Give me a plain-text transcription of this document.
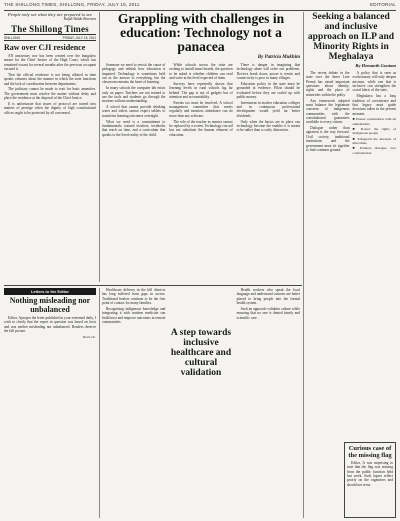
THE SHILLONG TIMES, SHILLONG, FRIDAY, JULY 15, 2011	EDITORIAL
People only see what they are prepared to see
Ralph Waldo Emerson
The Shillong Times
SHILLONG	FRIDAY, JULY 15, 2011
Raw over CJI residence

AN unsavoury row has been created over the bungalow meant for the Chief Justice of the High Court, which has remained vacant for several months after the previous occupant vacated it.

That the official residence is not being allotted in time speaks volumes about the manner in which the state functions and the lack of coordination between departments.

The judiciary cannot be made to wait for basic amenities. The government must resolve the matter without delay and place the residence at the disposal of the Chief Justice.

It is unfortunate that issues of protocol are turned into matters of prestige when the dignity of high constitutional offices ought to be protected by all concerned.

Grappling with challenges in education: Technology not a panacea
By Patricia Mukhim

Someone we need to revisit the cause of pedagogy and rethink how education is imparted. Technology is sometimes held out as the answer to everything, but the classroom remains the heart of learning.

In many schools the computer lab exists only on paper. Teachers are not trained to use the tools and students go through the motions without understanding.

A school that cannot provide drinking water and toilets cannot expect tablets to transform learning outcomes overnight.

What we need is a commitment to fundamentals: trained teachers, textbooks that reach on time, and a curriculum that speaks to the lived reality of the child.

While schools across the state are rushing to install smart boards, the question to be asked is whether children can read and write at the level expected of them.

Surveys have repeatedly shown that learning levels in rural schools lag far behind. The gap is not of gadgets but of attention and accountability.

Parents too must be involved. A school management committee that meets regularly and monitors attendance can do more than any software.

The role of the teacher as mentor cannot be replaced by a screen. Technology can aid but not substitute the human element of education.

There is danger in imagining that technology alone will solve our problems. Devices break down, power is erratic and connectivity is poor in many villages.

Education policy in the state must be grounded in evidence. Pilots should be evaluated before they are scaled up with public money.

Investment in teacher education colleges and in continuous professional development would yield far better dividends.

Only when the basics are in place can technology become the enabler it is meant to be rather than a costly distraction.

Seeking a balanced and inclusive approach on ILP and Minority Rights in Meghalaya
By Hemanth Goutam

The recent debate in the state over the Inner Line Permit has raised important questions about identity, rights and the place of minorities within the polity.

Any framework adopted must balance the legitimate concerns of indigenous communities with the constitutional guarantees available to every citizen.

Dialogue rather than agitation is the way forward. Civil society, traditional institutions and the government must sit together to find common ground.

A policy that is seen as exclusionary will only deepen mistrust, while one that is inclusive can strengthen the social fabric of the state.

Meghalaya has a long tradition of coexistence and that legacy must guide decisions taken in the present moment.

■ Ensure consultation with all stakeholders
■ Protect the rights of indigenous people
■ Safeguard the interests of minorities
■ Promote dialogue over confrontation
Letters to the Editor
Nothing misleading nor unbalanced

Editor, Apropos the letter published in your esteemed daily, I wish to clarify that the report in question was based on facts and was neither misleading nor unbalanced. Readers deserve the full picture.

Yours etc.

Healthcare delivery in the hill districts has long suffered from gaps in access. Traditional healers continue to be the first point of contact for many families.

Recognising indigenous knowledge and integrating it with modern medicine can build trust and improve outcomes in remote communities.

A step towards inclusive healthcare and cultural validation

Health workers who speak the local language and understand customs are better placed to bring people into the formal health system.

Such an approach validates culture while ensuring that no one is denied timely and scientific care.

Curious case of the missing flag

Editor, It was surprising to note that the flag was missing from the public function held last week. Such lapses reflect poorly on the organisers and should not recur.
